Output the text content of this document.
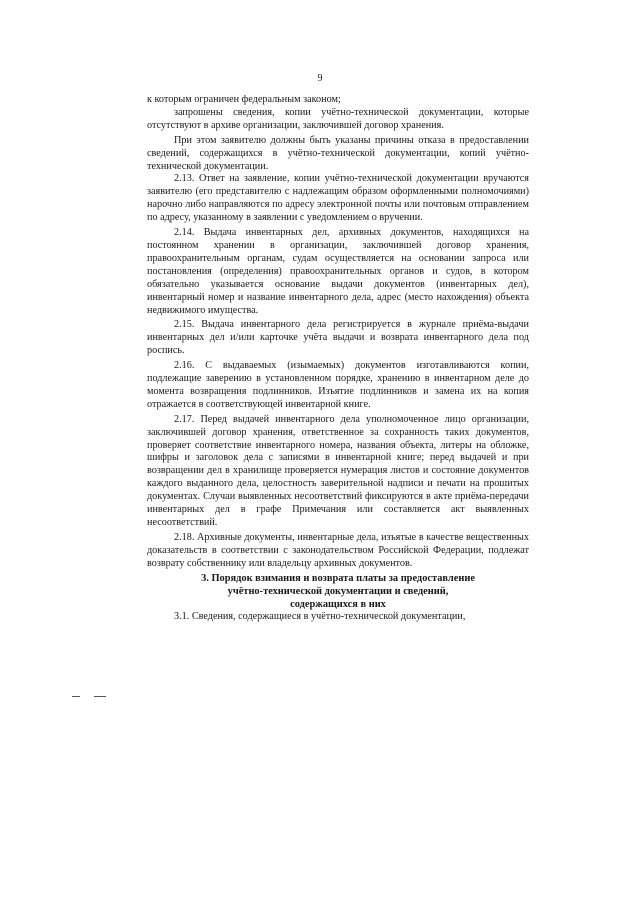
9

к которым ограничен федеральным законом;

запрошены сведения, копии учётно-технической документации, которые отсутствуют в архиве организации, заключившей договор хранения.

При этом заявителю должны быть указаны причины отказа в предоставлении сведений, содержащихся в учётно-технической документации, копий учётно-технической документации.

2.13. Ответ на заявление, копии учётно-технической документации вручаются заявителю (его представителю с надлежащим образом оформленными полномочиями) нарочно либо направляются по адресу электронной почты или почтовым отправлением по адресу, указанному в заявлении с уведомлением о вручении.

2.14. Выдача инвентарных дел, архивных документов, находящихся на постоянном хранении в организации, заключившей договор хранения, правоохранительным органам, судам осуществляется на основании запроса или постановления (определения) правоохранительных органов и судов, в котором обязательно указывается основание выдачи документов (инвентарных дел), инвентарный номер и название инвентарного дела, адрес (место нахождения) объекта недвижимого имущества.

2.15. Выдача инвентарного дела регистрируется в журнале приёма-выдачи инвентарных дел и/или карточке учёта выдачи и возврата инвентарного дела под роспись.

2.16. С выдаваемых (изымаемых) документов изготавливаются копии, подлежащие заверению в установленном порядке, хранению в инвентарном деле до момента возвращения подлинников. Изъятие подлинников и замена их на копия отражается в соответствующей инвентарной книге.

2.17. Перед выдачей инвентарного дела уполномоченное лицо организации, заключившей договор хранения, ответственное за сохранность таких документов, проверяет соответствие инвентарного номера, названия объекта, литеры на обложке, шифры и заголовок дела с записями в инвентарной книге; перед выдачей и при возвращении дел в хранилище проверяется нумерация листов и состояние документов каждого выданного дела, целостность заверительной надписи и печати на прошитых документах. Случаи выявленных несоответствий фиксируются в акте приёма-передачи инвентарных дел в графе Примечания или составляется акт выявленных несоответствий.

2.18. Архивные документы, инвентарные дела, изъятые в качестве вещественных доказательств в соответствии с законодательством Российской Федерации, подлежат возврату собственнику или владельцу архивных документов.

3. Порядок взимания и возврата платы за предоставление
учётно-технической документации и сведений,
содержащихся в них

3.1. Сведения, содержащиеся в учётно-технической документации,
